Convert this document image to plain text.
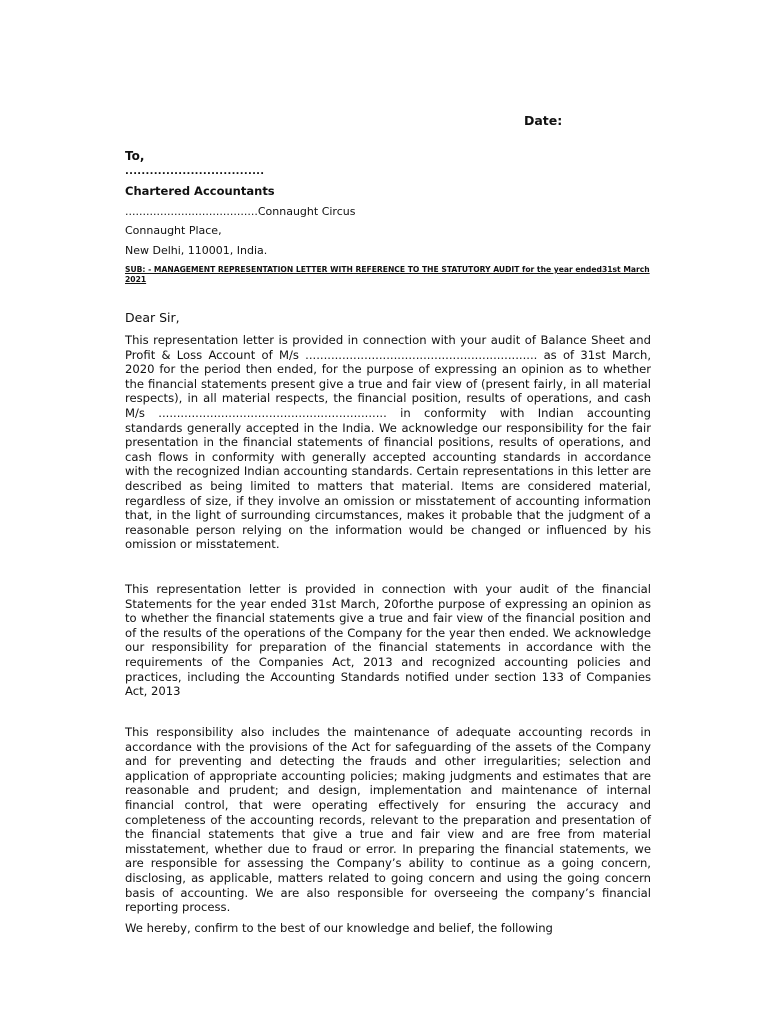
Date:
To,
..................................
Chartered Accountants
......................................Connaught Circus
Connaught Place,
New Delhi, 110001, India.
SUB: - MANAGEMENT REPRESENTATION LETTER WITH REFERENCE TO THE STATUTORY AUDIT for the year ended31st March 2021
Dear Sir,

This representation letter is provided in connection with your audit of Balance Sheet and Profit & Loss Account of M/s ............................................................... as of 31st March, 2020 for the period then ended, for the purpose of expressing an opinion as to whether the financial statements present give a true and fair view of (present fairly, in all material respects), in all material respects, the financial position, results of operations, and cash M/s .............................................................. in conformity with Indian accounting standards generally accepted in the India. We acknowledge our responsibility for the fair presentation in the financial statements of financial positions, results of operations, and cash flows in conformity with generally accepted accounting standards in accordance with the recognized Indian accounting standards. Certain representations in this letter are described as being limited to matters that material. Items are considered material, regardless of size, if they involve an omission or misstatement of accounting information that, in the light of surrounding circumstances, makes it probable that the judgment of a reasonable person relying on the information would be changed or influenced by his omission or misstatement.

This representation letter is provided in connection with your audit of the financial Statements for the year ended 31st March, 20forthe purpose of expressing an opinion as to whether the financial statements give a true and fair view of the financial position and of the results of the operations of the Company for the year then ended. We acknowledge our responsibility for preparation of the financial statements in accordance with the requirements of the Companies Act, 2013 and recognized accounting policies and practices, including the Accounting Standards notified under section 133 of Companies Act, 2013

This responsibility also includes the maintenance of adequate accounting records in accordance with the provisions of the Act for safeguarding of the assets of the Company and for preventing and detecting the frauds and other irregularities; selection and application of appropriate accounting policies; making judgments and estimates that are reasonable and prudent; and design, implementation and maintenance of internal financial control, that were operating effectively for ensuring the accuracy and completeness of the accounting records, relevant to the preparation and presentation of the financial statements that give a true and fair view and are free from material misstatement, whether due to fraud or error. In preparing the financial statements, we are responsible for assessing the Company’s ability to continue as a going concern, disclosing, as applicable, matters related to going concern and using the going concern basis of accounting. We are also responsible for overseeing the company’s financial reporting process.

We hereby, confirm to the best of our knowledge and belief, the following
